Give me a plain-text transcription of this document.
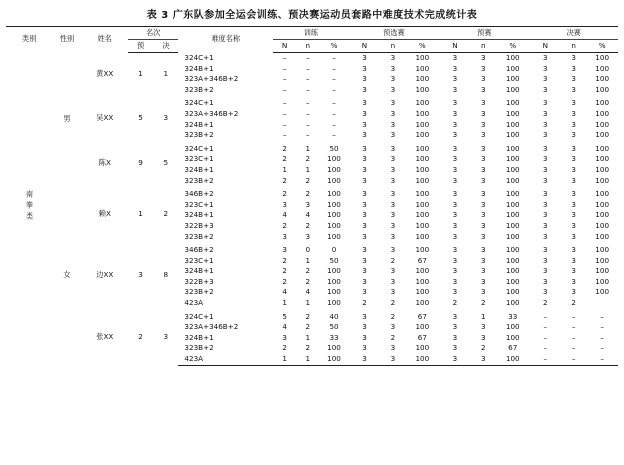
表 3 广东队参加全运会训练、预决赛运动员套路中难度技术完成统计表
类别	性别	姓名	名次		难度名称	训练			预选赛			预赛			决赛		
			预	决		N	n	%	N	n	%	N	n	%	N	n	%
南拳类	男	黄XX	1	1	324C+1	–	–	–	3	3	100	3	3	100	3	3	100
					324B+1	–	–	–	3	3	100	3	3	100	3	3	100
					323A+346B+2	–	–	–	3	3	100	3	3	100	3	3	100
					323B+2	–	–	–	3	3	100	3	3	100	3	3	100
		吴XX	5	3	324C+1	–	–	–	3	3	100	3	3	100	3	3	100
					323A+346B+2	–	–	–	3	3	100	3	3	100	3	3	100
					324B+1	–	–	–	3	3	100	3	3	100	3	3	100
					323B+2	–	–	–	3	3	100	3	3	100	3	3	100
		陈X	9	5	324C+1	2	1	50	3	3	100	3	3	100	3	3	100
					323C+1	2	2	100	3	3	100	3	3	100	3	3	100
					324B+1	1	1	100	3	3	100	3	3	100	3	3	100
					323B+2	2	2	100	3	3	100	3	3	100	3	3	100
	女	赖X	1	2	346B+2	2	2	100	3	3	100	3	3	100	3	3	100
					323C+1	3	3	100	3	3	100	3	3	100	3	3	100
					324B+1	4	4	100	3	3	100	3	3	100	3	3	100
					322B+3	2	2	100	3	3	100	3	3	100	3	3	100
					323B+2	3	3	100	3	3	100	3	3	100	3	3	100
		边XX	3	8	346B+2	3	0	0	3	3	100	3	3	100	3	3	100
					323C+1	2	1	50	3	2	67	3	3	100	3	3	100
					324B+1	2	2	100	3	3	100	3	3	100	3	3	100
					322B+3	2	2	100	3	3	100	3	3	100	3	3	100
					323B+2	4	4	100	3	3	100	3	3	100	3	3	100
					423A	1	1	100	2	2	100	2	2	100	2	2	
		张XX	2	3	324C+1	5	2	40	3	2	67	3	1	33	–	–	–
					323A+346B+2	4	2	50	3	3	100	3	3	100	–	–	–
					324B+1	3	1	33	3	2	67	3	3	100	–	–	–
					323B+2	2	2	100	3	3	100	3	2	67	–	–	–
					423A	1	1	100	3	3	100	3	3	100	–	–	–
